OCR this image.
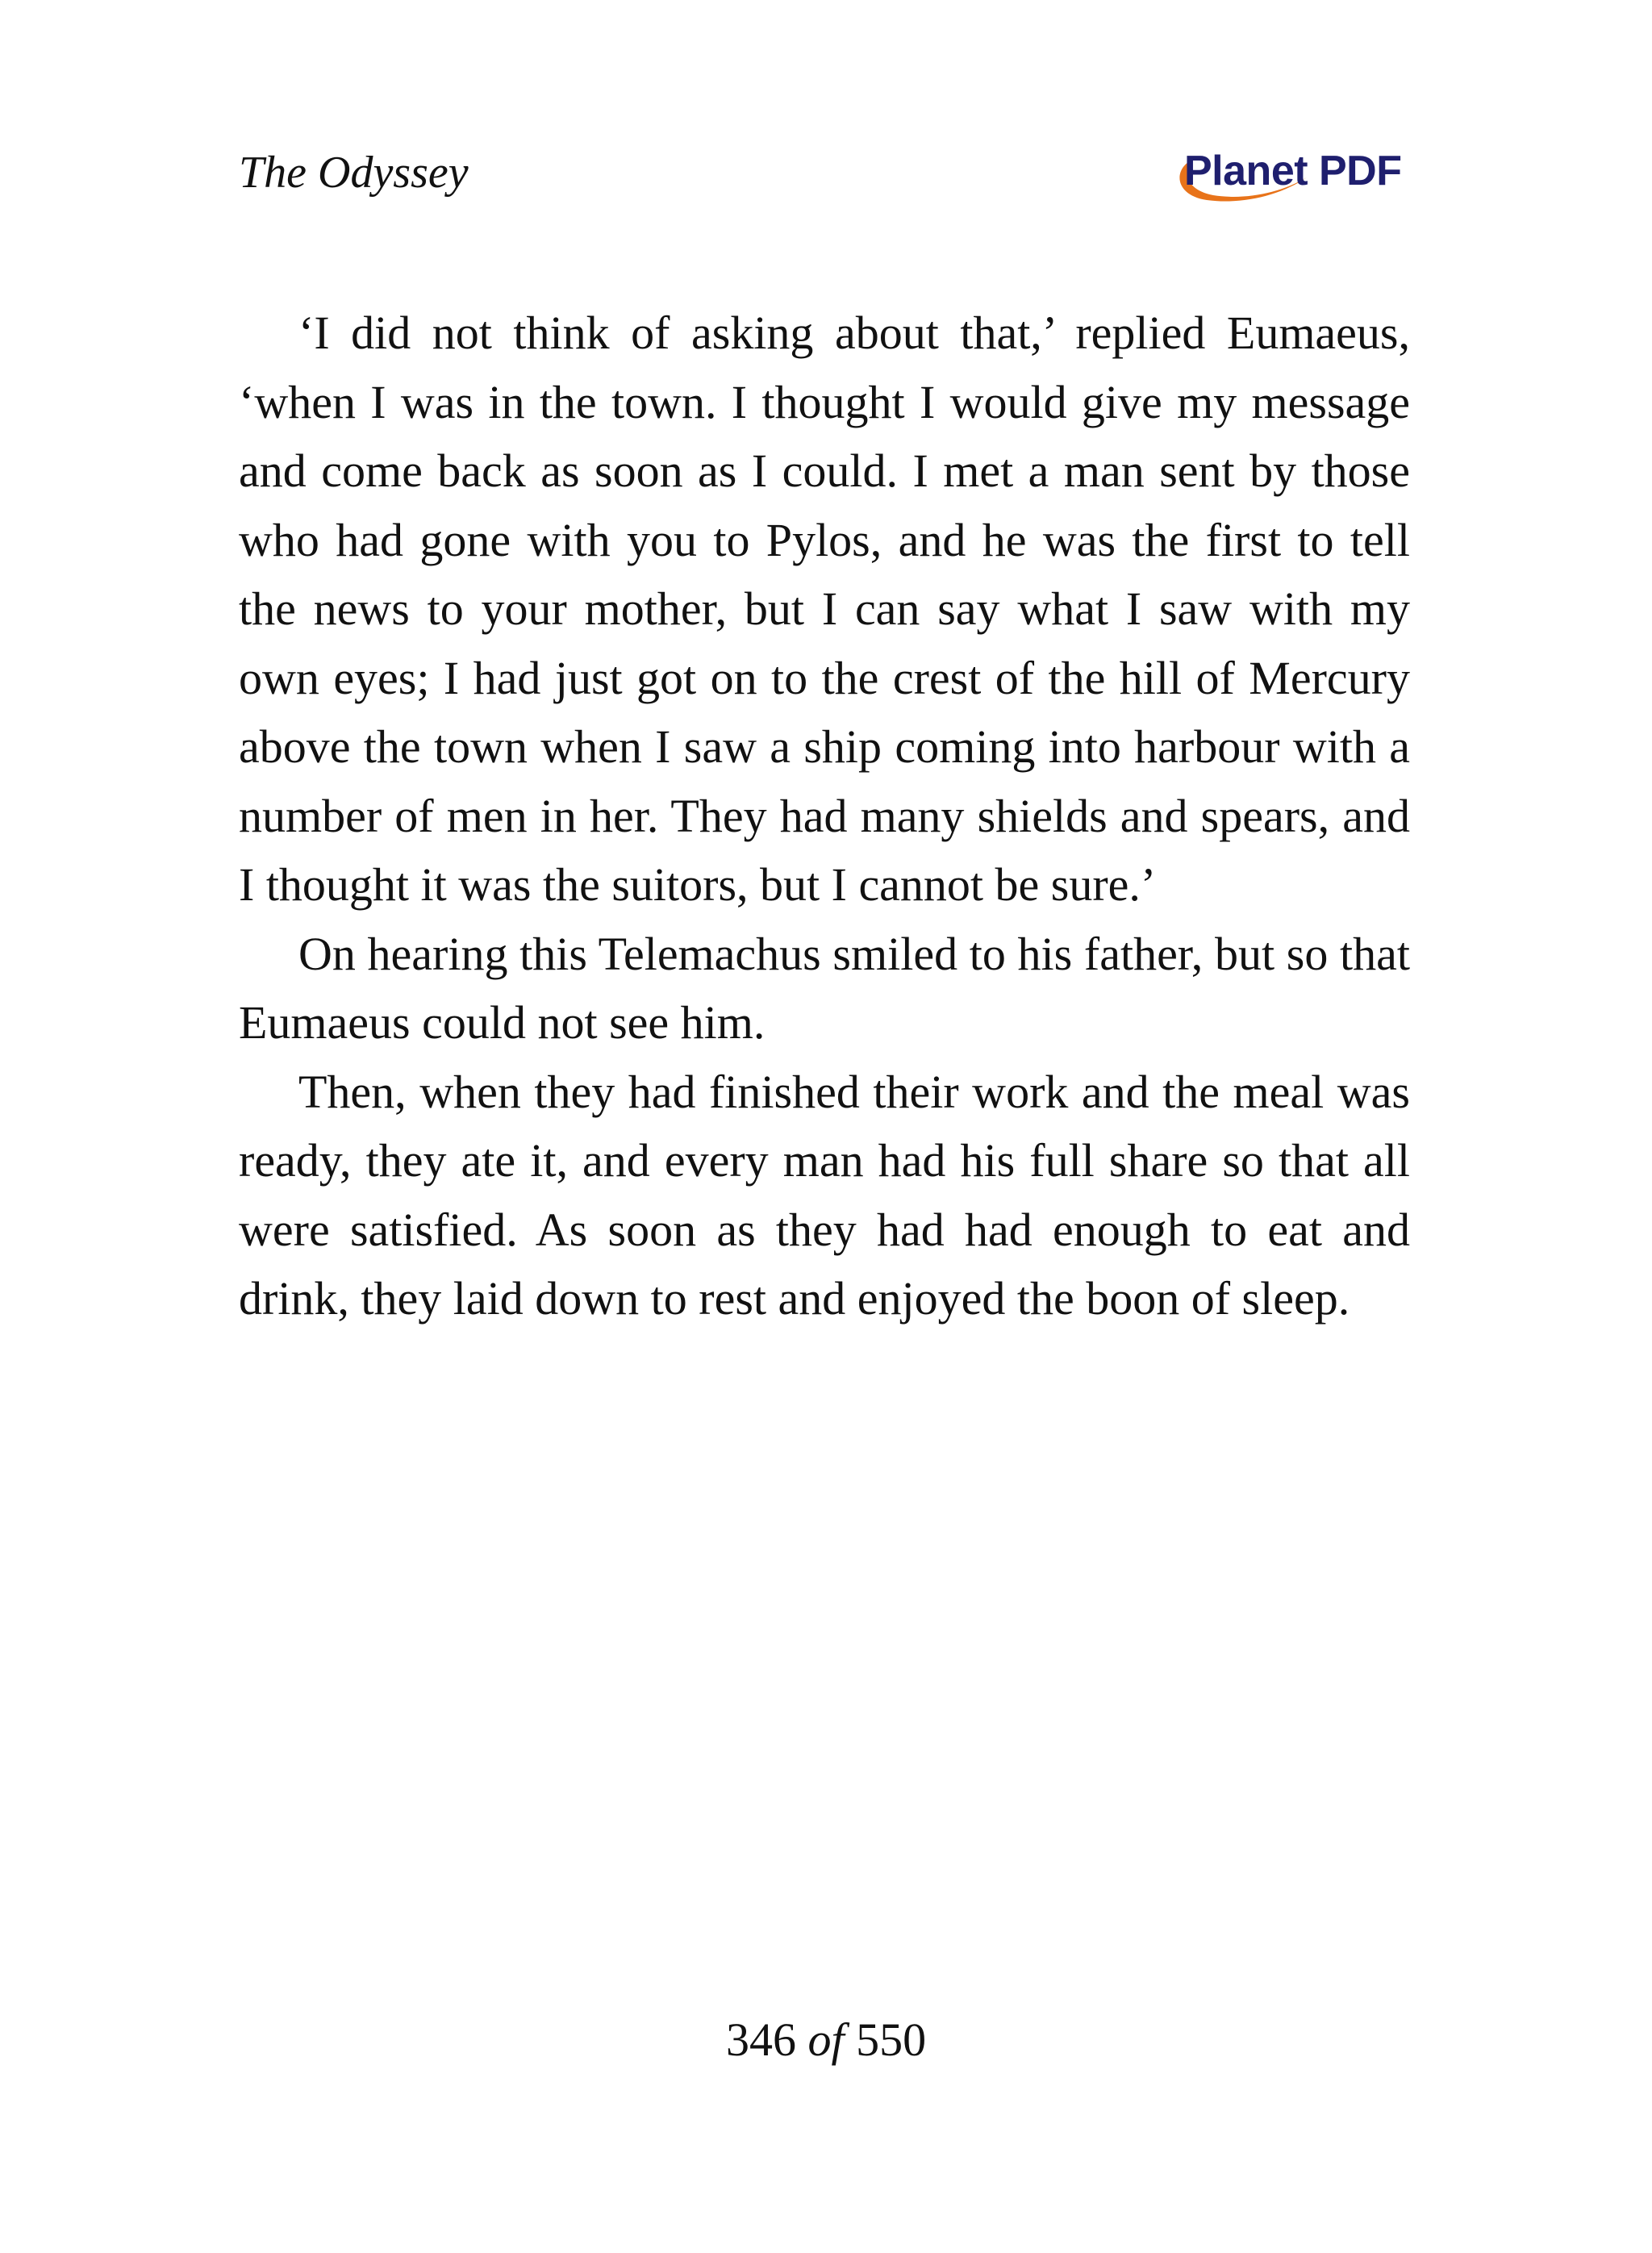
The Odyssey	Planet PDF

‘I did not think of asking about that,’ replied Eumaeus, ‘when I was in the town. I thought I would give my message and come back as soon as I could. I met a man sent by those who had gone with you to Pylos, and he was the first to tell the news to your mother, but I can say what I saw with my own eyes; I had just got on to the crest of the hill of Mercury above the town when I saw a ship coming into harbour with a number of men in her. They had many shields and spears, and I thought it was the suitors, but I cannot be sure.’

On hearing this Telemachus smiled to his father, but so that Eumaeus could not see him.

Then, when they had finished their work and the meal was ready, they ate it, and every man had his full share so that all were satisfied. As soon as they had had enough to eat and drink, they laid down to rest and enjoyed the boon of sleep.

346 of 550
